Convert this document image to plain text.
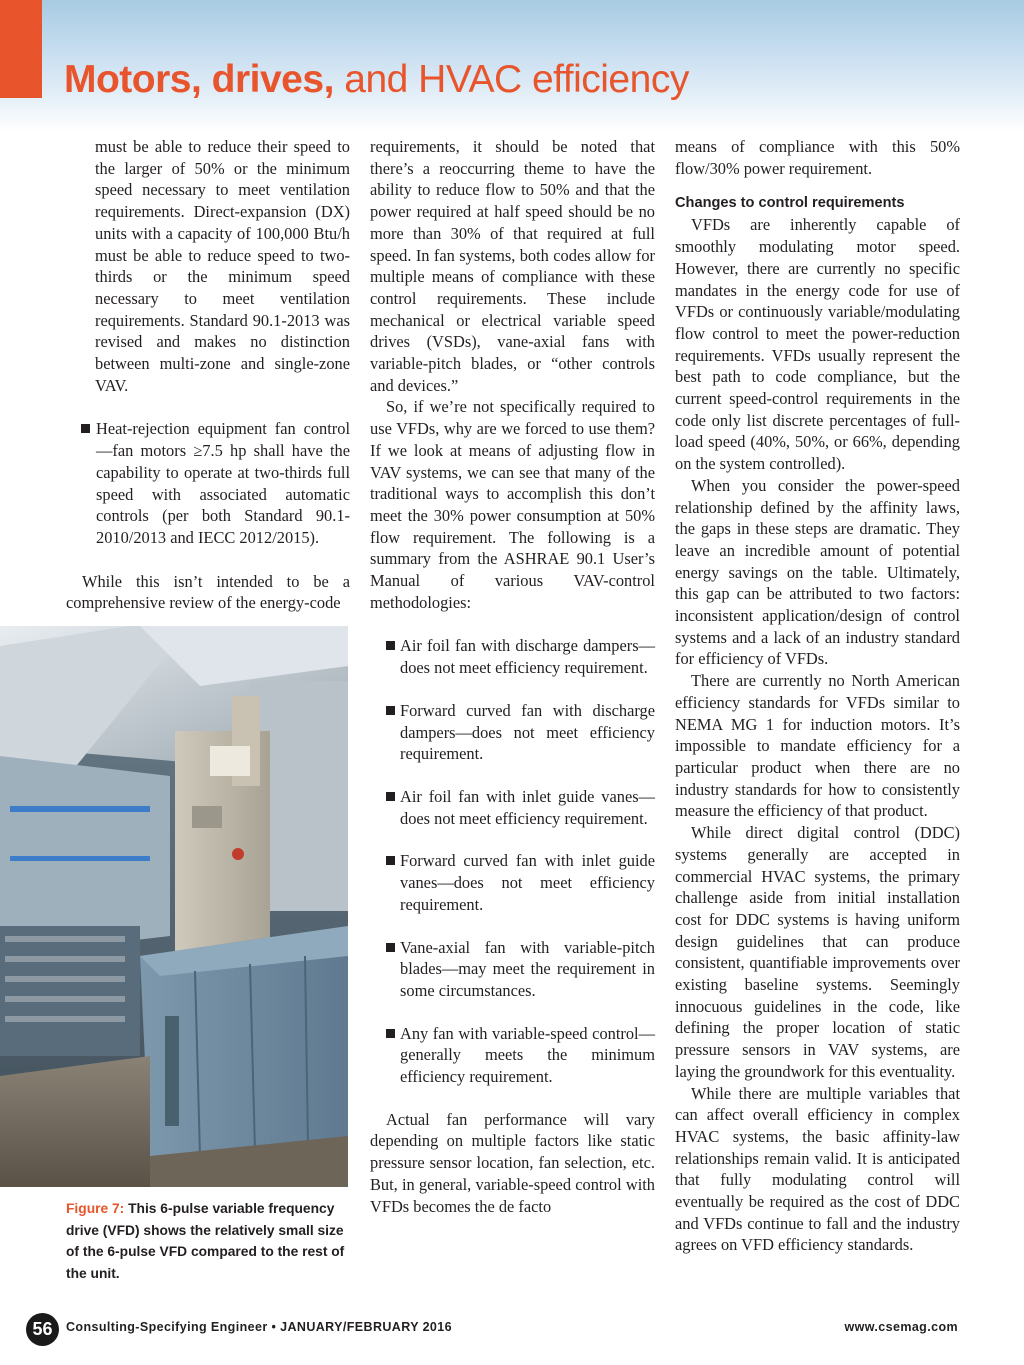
Motors, drives, and HVAC efficiency

must be able to reduce their speed to the larger of 50% or the minimum speed necessary to meet ventilation requirements. Direct-expansion (DX) units with a capacity of 100,000 Btu/h must be able to reduce speed to two-thirds or the minimum speed necessary to meet ventilation requirements. Standard 90.1-2013 was revised and makes no distinction between multi-zone and single-zone VAV.

Heat-rejection equipment fan control—fan motors ≥7.5 hp shall have the capability to operate at two-thirds full speed with associated automatic controls (per both Standard 90.1-2010/2013 and IECC 2012/2015).

While this isn’t intended to be a comprehensive review of the energy-code

Figure 7: This 6-pulse variable frequency drive (VFD) shows the relatively small size of the 6-pulse VFD compared to the rest of the unit.

requirements, it should be noted that there’s a reoccurring theme to have the ability to reduce flow to 50% and that the power required at half speed should be no more than 30% of that required at full speed. In fan systems, both codes allow for multiple means of compliance with these control requirements. These include mechanical or electrical variable speed drives (VSDs), vane-axial fans with variable-pitch blades, or “other controls and devices.”

So, if we’re not specifically required to use VFDs, why are we forced to use them? If we look at means of adjusting flow in VAV systems, we can see that many of the traditional ways to accomplish this don’t meet the 30% power consumption at 50% flow requirement. The following is a summary from the ASHRAE 90.1 User’s Manual of various VAV-control methodologies:

Air foil fan with discharge dampers—does not meet efficiency requirement.

Forward curved fan with discharge dampers—does not meet efficiency requirement.

Air foil fan with inlet guide vanes—does not meet efficiency requirement.

Forward curved fan with inlet guide vanes—does not meet efficiency requirement.

Vane-axial fan with variable-pitch blades—may meet the requirement in some circumstances.

Any fan with variable-speed control—generally meets the minimum efficiency requirement.

Actual fan performance will vary depending on multiple factors like static pressure sensor location, fan selection, etc. But, in general, variable-speed control with VFDs becomes the de facto

means of compliance with this 50% flow/30% power requirement.

Changes to control requirements

VFDs are inherently capable of smoothly modulating motor speed. However, there are currently no specific mandates in the energy code for use of VFDs or continuously variable/modulating flow control to meet the power-reduction requirements. VFDs usually represent the best path to code compliance, but the current speed-control requirements in the code only list discrete percentages of full-load speed (40%, 50%, or 66%, depending on the system controlled).

When you consider the power-speed relationship defined by the affinity laws, the gaps in these steps are dramatic. They leave an incredible amount of potential energy savings on the table. Ultimately, this gap can be attributed to two factors: inconsistent application/design of control systems and a lack of an industry standard for efficiency of VFDs.

There are currently no North American efficiency standards for VFDs similar to NEMA MG 1 for induction motors. It’s impossible to mandate efficiency for a particular product when there are no industry standards for how to consistently measure the efficiency of that product.

While direct digital control (DDC) systems generally are accepted in commercial HVAC systems, the primary challenge aside from initial installation cost for DDC systems is having uniform design guidelines that can produce consistent, quantifiable improvements over existing baseline systems. Seemingly innocuous guidelines in the code, like defining the proper location of static pressure sensors in VAV systems, are laying the groundwork for this eventuality.

While there are multiple variables that can affect overall efficiency in complex HVAC systems, the basic affinity-law relationships remain valid. It is anticipated that fully modulating control will eventually be required as the cost of DDC and VFDs continue to fall and the industry agrees on VFD efficiency standards.

56	Consulting-Specifying Engineer • JANUARY/FEBRUARY 2016	www.csemag.com
